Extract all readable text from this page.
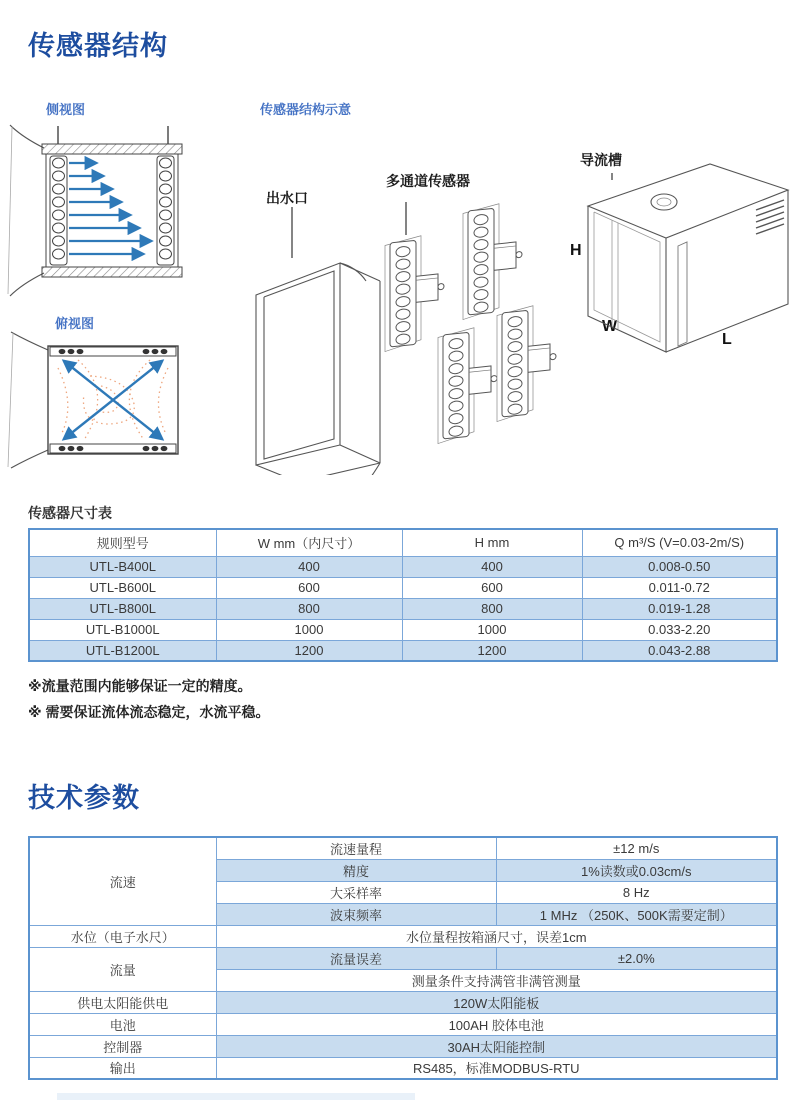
传感器结构
侧视图	传感器结构示意
俯视图
出水口
多通道传感器
导流槽
H
W
L
传感器尺寸表
规则型号	W mm（内尺寸）	H mm	Q m³/S (V=0.03-2m/S)
UTL-B400L	400	400	0.008-0.50
UTL-B600L	600	600	0.011-0.72
UTL-B800L	800	800	0.019-1.28
UTL-B1000L	1000	1000	0.033-2.20
UTL-B1200L	1200	1200	0.043-2.88
※流量范围内能够保证一定的精度。
※ 需要保证流体流态稳定，水流平稳。
技术参数
流速	流速量程	±12 m/s
	精度	1%读数或0.03cm/s
	大采样率	8 Hz
	波束频率	1 MHz （250K、500K需要定制）
水位（电子水尺）	水位量程按箱涵尺寸，误差1cm	
流量	流量误差	±2.0%
	测量条件支持满管非满管测量	
供电太阳能供电	120W太阳能板	
电池	100AH 胶体电池	
控制器	30AH太阳能控制	
输出	RS485，标准MODBUS-RTU	
